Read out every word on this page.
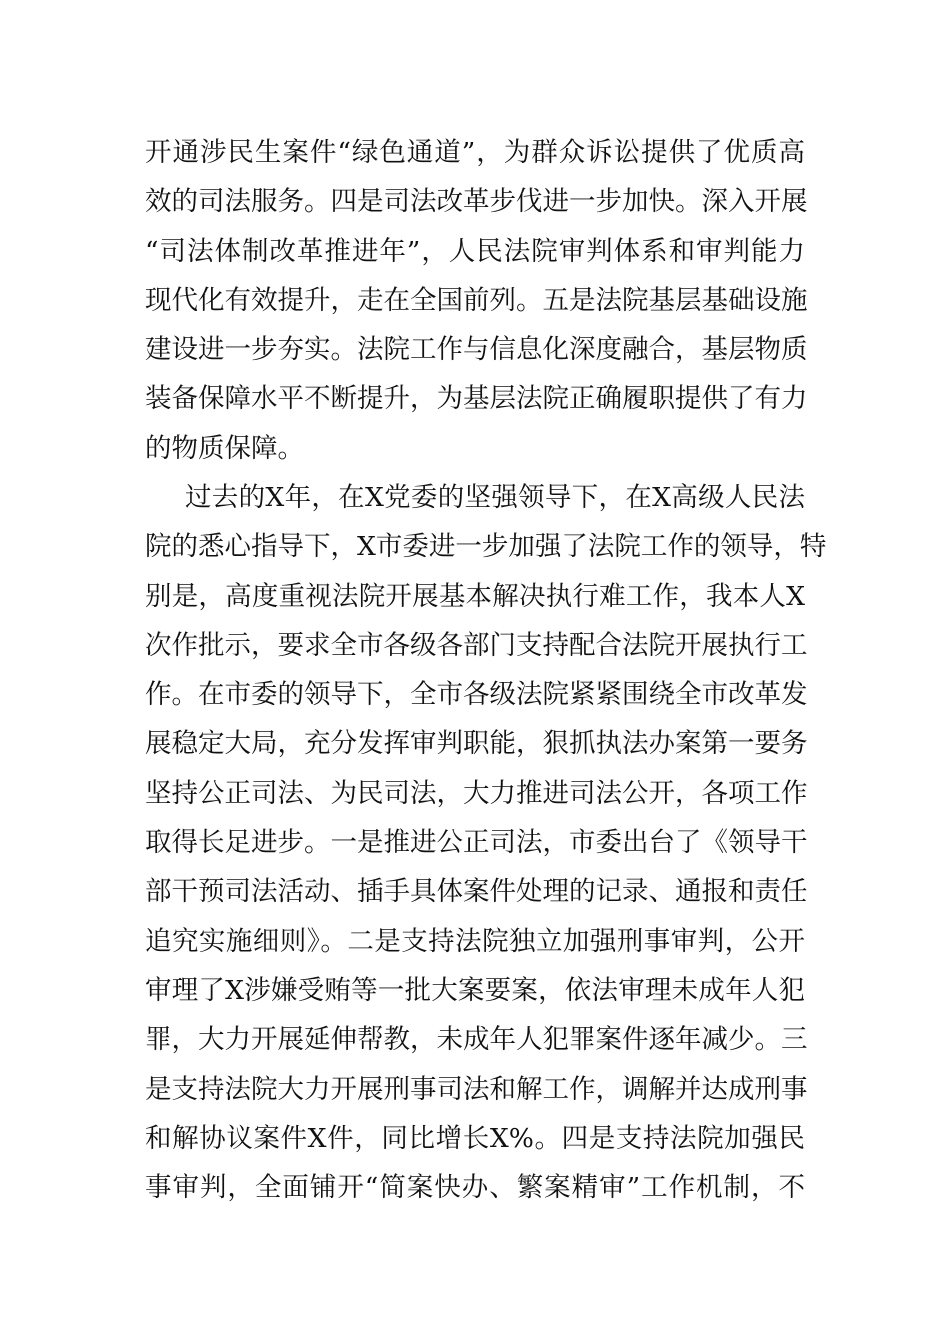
开通涉民生案件“绿色通道”，为群众诉讼提供了优质高
效的司法服务。四是司法改革步伐进一步加快。深入开展
“司法体制改革推进年”，人民法院审判体系和审判能力
现代化有效提升，走在全国前列。五是法院基层基础设施
建设进一步夯实。法院工作与信息化深度融合，基层物质
装备保障水平不断提升，为基层法院正确履职提供了有力
的物质保障。
过去的X年，在X党委的坚强领导下，在X高级人民法
院的悉心指导下，X市委进一步加强了法院工作的领导，特
别是，高度重视法院开展基本解决执行难工作，我本人X
次作批示，要求全市各级各部门支持配合法院开展执行工
作。在市委的领导下，全市各级法院紧紧围绕全市改革发
展稳定大局，充分发挥审判职能，狠抓执法办案第一要务
坚持公正司法、为民司法，大力推进司法公开，各项工作
取得长足进步。一是推进公正司法，市委出台了《领导干
部干预司法活动、插手具体案件处理的记录、通报和责任
追究实施细则》。二是支持法院独立加强刑事审判，公开
审理了X涉嫌受贿等一批大案要案，依法审理未成年人犯
罪，大力开展延伸帮教，未成年人犯罪案件逐年减少。三
是支持法院大力开展刑事司法和解工作，调解并达成刑事
和解协议案件X件，同比增长X%。四是支持法院加强民
事审判，全面铺开“简案快办、繁案精审”工作机制，不
